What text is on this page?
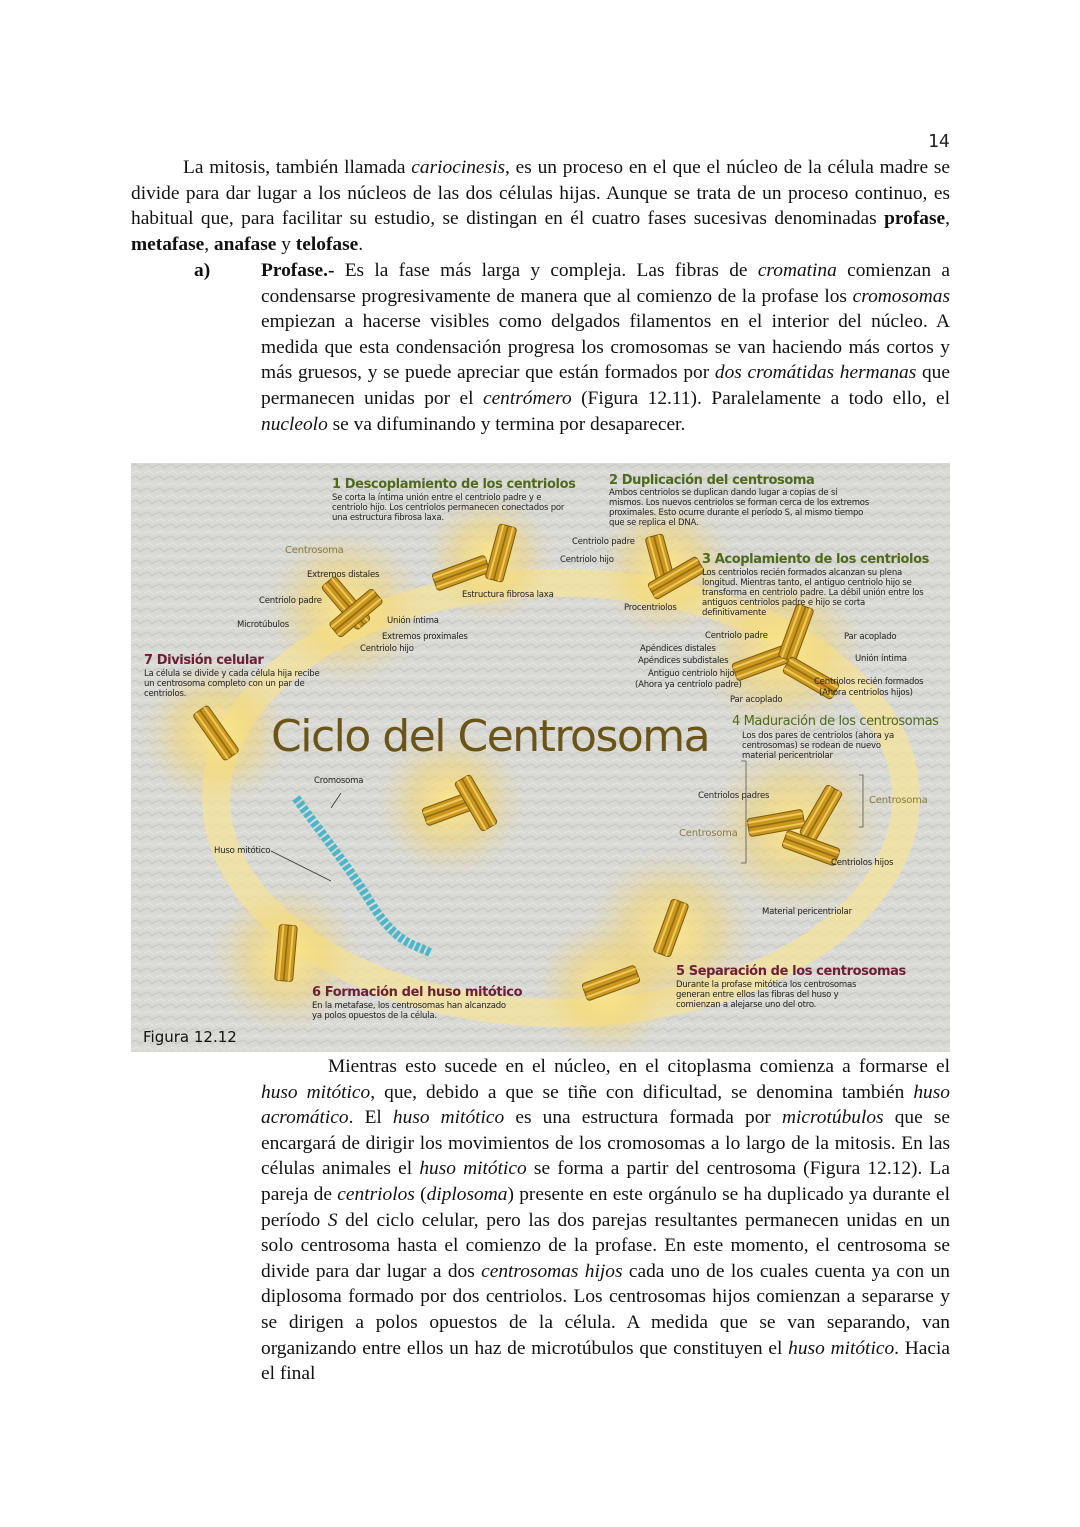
14

La mitosis, también llamada cariocinesis, es un proceso en el que el núcleo de la célula madre se divide para dar lugar a los núcleos de las dos células hijas. Aunque se trata de un proceso continuo, es habitual que, para facilitar su estudio, se distingan en él cuatro fases sucesivas denominadas profase, metafase, anafase y telofase.

a)	Profase.- Es la fase más larga y compleja. Las fibras de cromatina comienzan a condensarse progresivamente de manera que al comienzo de la profase los cromosomas empiezan a hacerse visibles como delgados filamentos en el interior del núcleo. A medida que esta condensación progresa los cromosomas se van haciendo más cortos y más gruesos, y se puede apreciar que están formados por dos cromátidas hermanas que permanecen unidas por el centrómero (Figura 12.11). Paralelamente a todo ello, el nucleolo se va difuminando y termina por desaparecer.
Ciclo del Centrosoma
1 Descoplamiento de los centriolos
Se corta la íntima unión entre el centriolo padre y e centriolo hijo. Los centriolos permanecen conectados por una estructura fibrosa laxa.
2 Duplicación del centrosoma
Ambos centriolos se duplican dando lugar a copias de sí mismos. Los nuevos centriolos se forman cerca de los extremos proximales. Esto ocurre durante el período S, al mismo tiempo que se replica el DNA.
3 Acoplamiento de los centriolos
Los centriolos recién formados alcanzan su plena longitud. Mientras tanto, el antiguo centriolo hijo se transforma en centriolo padre. La débil unión entre los antiguos centriolos padre e hijo se corta definitivamente
4 Maduración de los centrosomas
Los dos pares de centriolos (ahora ya centrosomas) se rodean de nuevo material pericentriolar
5 Separación de los centrosomas
Durante la profase mitótica los centrosomas generan entre ellos las fibras del huso y comienzan a alejarse uno del otro.
6 Formación del huso mitótico
En la metafase, los centrosomas han alcanzado ya polos opuestos de la célula.
7 División celular
La célula se divide y cada célula hija recibe un centrosoma completo con un par de centriolos.
Centrosoma
Extremos distales
Centriolo padre
Microtúbulos	Unión íntima
Extremos proximales
Centriolo hijo
Estructura fibrosa laxa
Centriolo padre
Centriolo hijo
Procentriolos
Centriolo padre	Par acoplado
Apéndices distales
Apéndices subdistales	Unión íntima
Antiguo centriolo hijo
(Ahora ya centriolo padre)	Centriolos recién formados
(Ahora centriolos hijos)
Par acoplado
Cromosoma
Centriolos padres	Centrosoma
Centrosoma
Huso mitótico
Centriolos hijos
Material pericentriolar
Figura 12.12

Mientras esto sucede en el núcleo, en el citoplasma comienza a formarse el huso mitótico, que, debido a que se tiñe con dificultad, se denomina también huso acromático. El huso mitótico es una estructura formada por microtúbulos que se encargará de dirigir los movimientos de los cromosomas a lo largo de la mitosis. En las células animales el huso mitótico se forma a partir del centrosoma (Figura 12.12). La pareja de centriolos (diplosoma) presente en este orgánulo se ha duplicado ya durante el período S del ciclo celular, pero las dos parejas resultantes permanecen unidas en un solo centrosoma hasta el comienzo de la profase. En este momento, el centrosoma se divide para dar lugar a dos centrosomas hijos cada uno de los cuales cuenta ya con un diplosoma formado por dos centriolos. Los centrosomas hijos comienzan a separarse y se dirigen a polos opuestos de la célula. A medida que se van separando, van organizando entre ellos un haz de microtúbulos que constituyen el huso mitótico. Hacia el final
